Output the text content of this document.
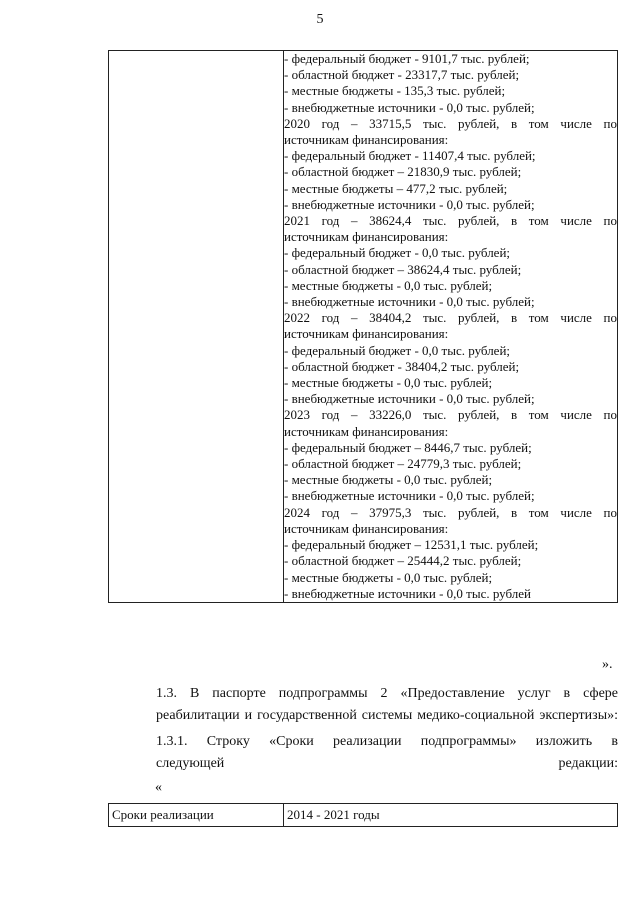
5

- федеральный бюджет - 9101,7 тыс. рублей;
- областной бюджет - 23317,7 тыс. рублей;
- местные бюджеты - 135,3 тыс. рублей;
- внебюджетные источники - 0,0 тыс. рублей;
2020 год – 33715,5 тыс. рублей, в том числе по
источникам финансирования:
- федеральный бюджет - 11407,4 тыс. рублей;
- областной бюджет – 21830,9 тыс. рублей;
- местные бюджеты – 477,2 тыс. рублей;
- внебюджетные источники - 0,0 тыс. рублей;
2021 год – 38624,4 тыс. рублей, в том числе по
источникам финансирования:
- федеральный бюджет - 0,0 тыс. рублей;
- областной бюджет – 38624,4 тыс. рублей;
- местные бюджеты - 0,0 тыс. рублей;
- внебюджетные источники - 0,0 тыс. рублей;
2022 год – 38404,2 тыс. рублей, в том числе по
источникам финансирования:
- федеральный бюджет - 0,0 тыс. рублей;
- областной бюджет - 38404,2 тыс. рублей;
- местные бюджеты - 0,0 тыс. рублей;
- внебюджетные источники - 0,0 тыс. рублей;
2023 год – 33226,0 тыс. рублей, в том числе по
источникам финансирования:
- федеральный бюджет – 8446,7 тыс. рублей;
- областной бюджет – 24779,3 тыс. рублей;
- местные бюджеты - 0,0 тыс. рублей;
- внебюджетные источники - 0,0 тыс. рублей;
2024 год – 37975,3 тыс. рублей, в том числе по
источникам финансирования:
- федеральный бюджет – 12531,1 тыс. рублей;
- областной бюджет – 25444,2 тыс. рублей;
- местные бюджеты - 0,0 тыс. рублей;
- внебюджетные источники - 0,0 тыс. рублей
».
1.3. В паспорте подпрограммы 2 «Предоставление услуг в сфере
реабилитации и государственной системы медико-социальной экспертизы»:
1.3.1. Строку «Сроки реализации подпрограммы» изложить в
следующей редакции:
«
Сроки реализации	2014 - 2021 годы
